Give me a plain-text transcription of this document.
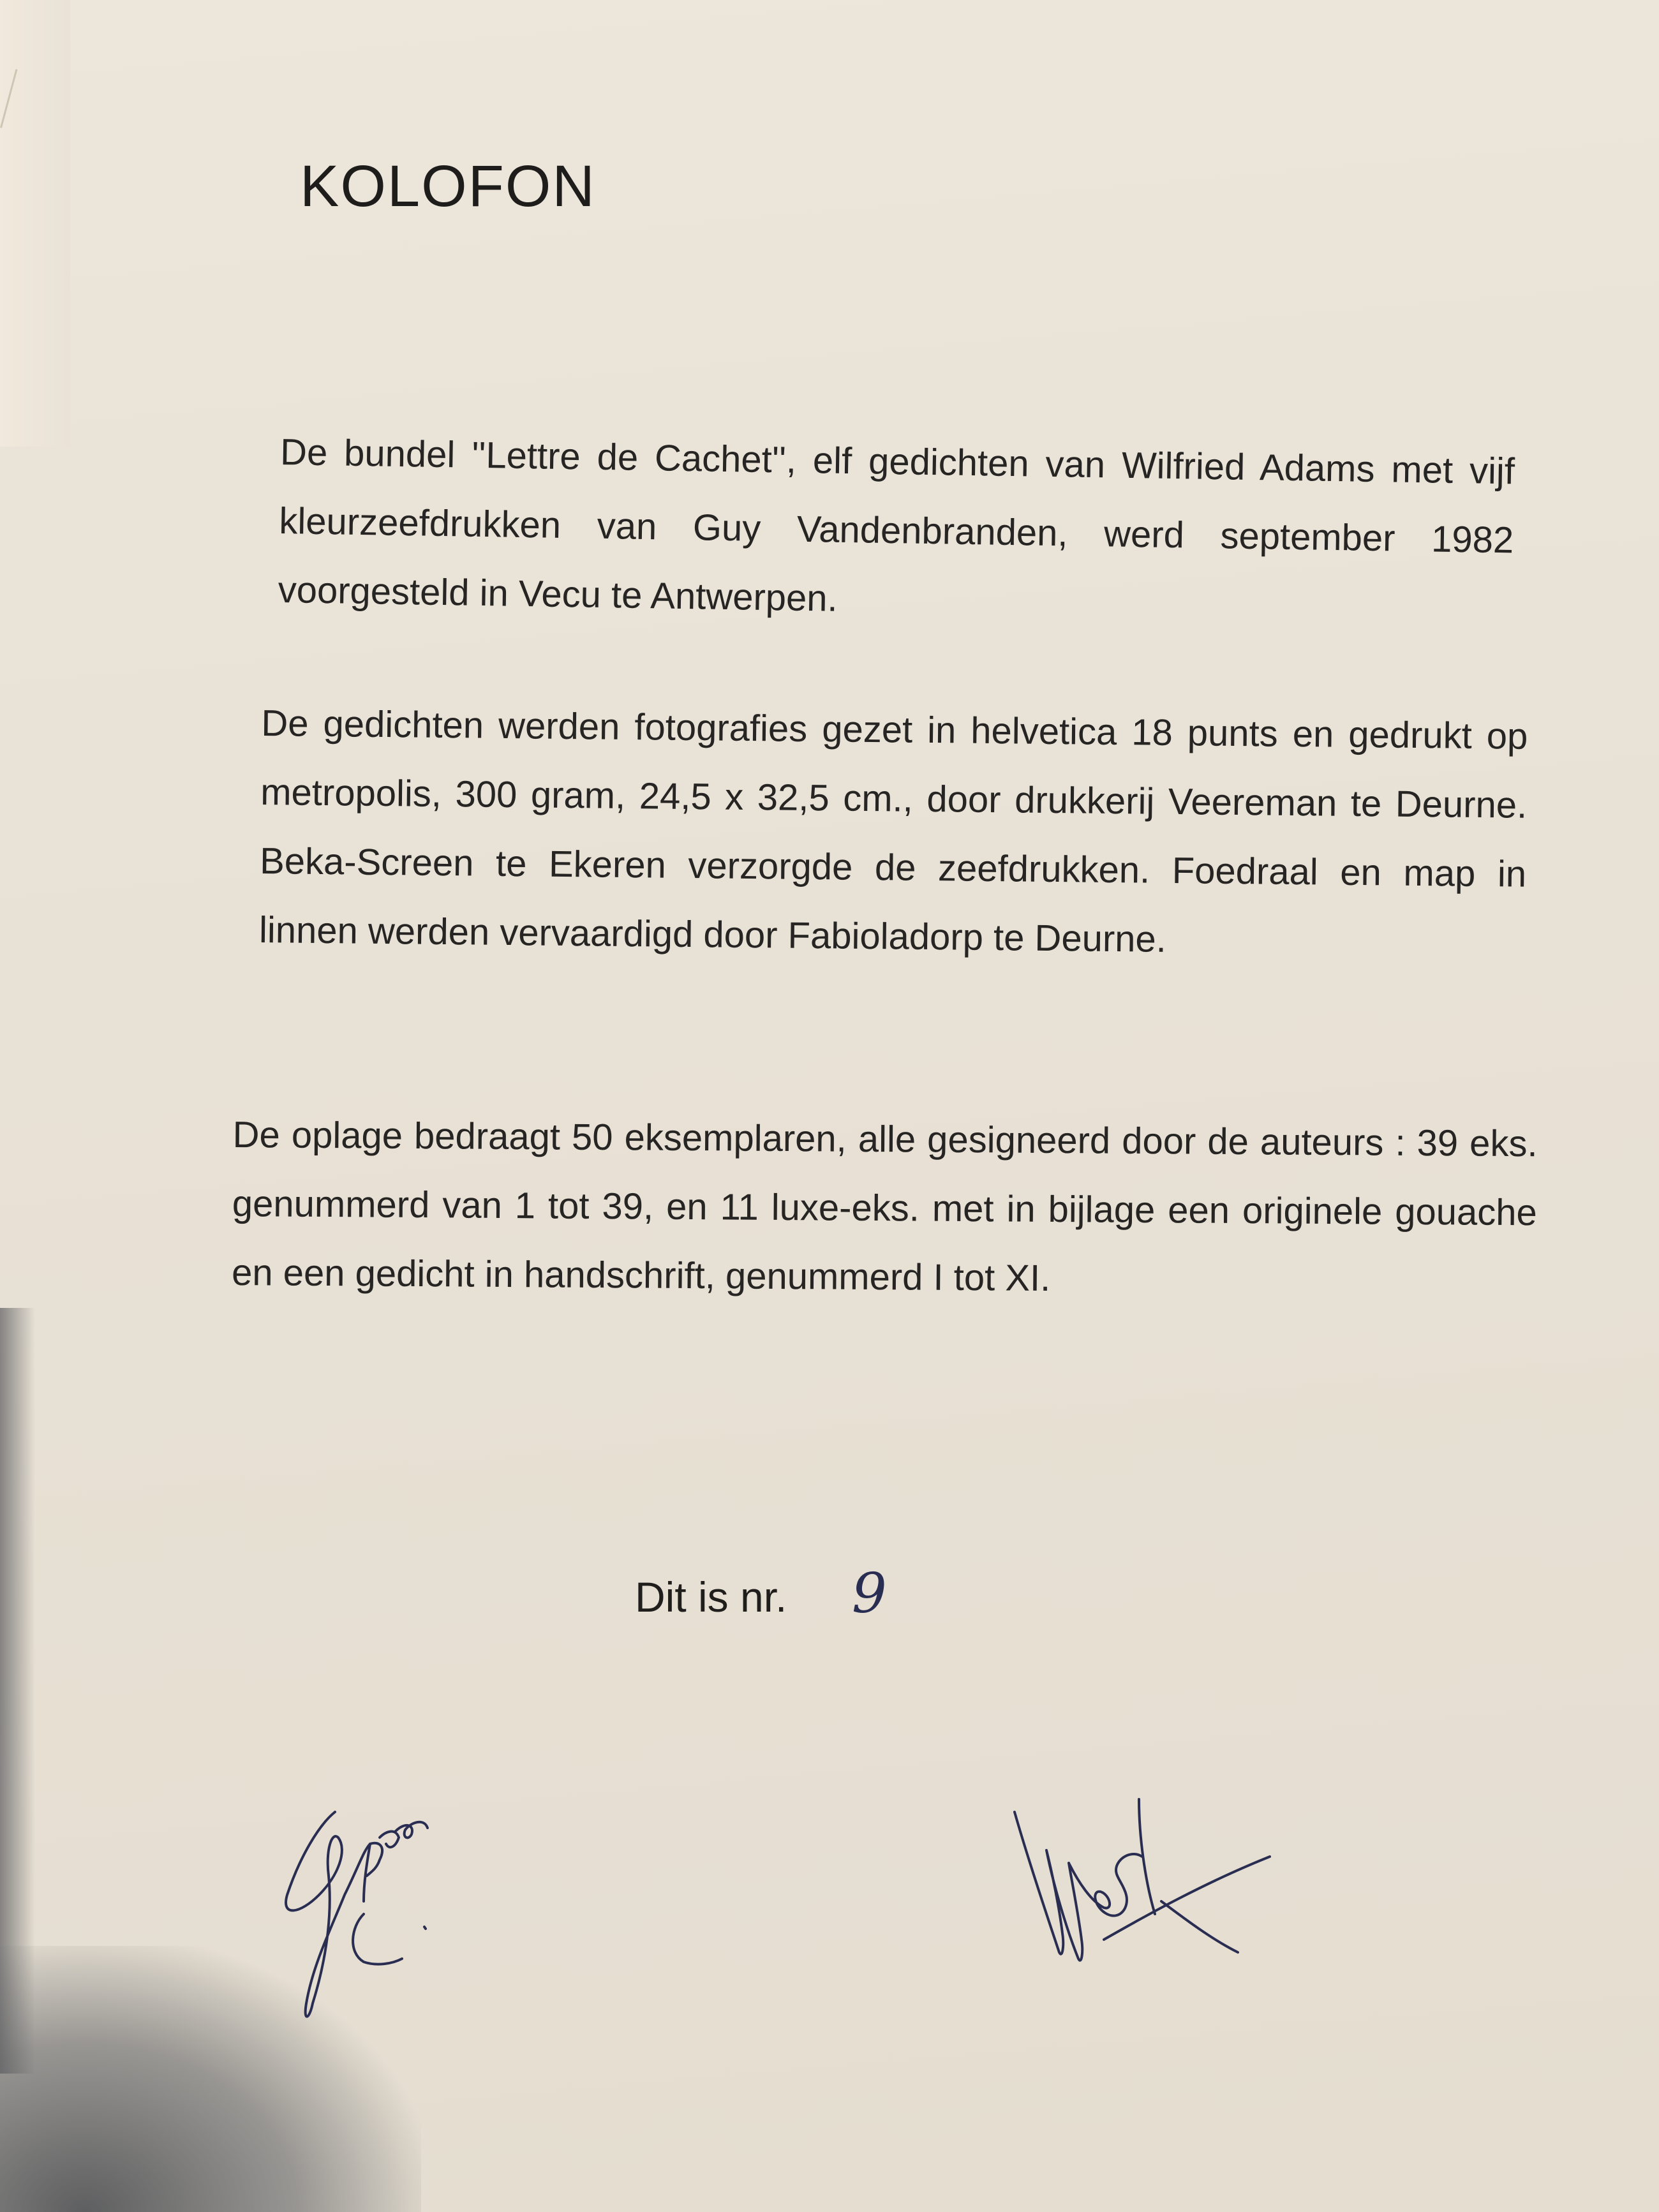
KOLOFON

De bundel ''Lettre de Cachet'', elf gedichten van Wilfried Adams met vijf kleurzeefdrukken van Guy Vandenbranden, werd september 1982 voorgesteld in Vecu te Antwerpen.

De gedichten werden fotografies gezet in helvetica 18 punts en gedrukt op metropolis, 300 gram, 24,5 x 32,5 cm., door drukkerij Veereman te Deurne. Beka-Screen te Ekeren verzorgde de zeefdrukken. Foedraal en map in linnen werden vervaardigd door Fabioladorp te Deurne.

De oplage bedraagt 50 eksemplaren, alle gesigneerd door de auteurs : 39 eks. genummerd van 1 tot 39, en 11 luxe-eks. met in bijlage een originele gouache en een gedicht in handschrift, genummerd I tot XI.

Dit is nr. 9
